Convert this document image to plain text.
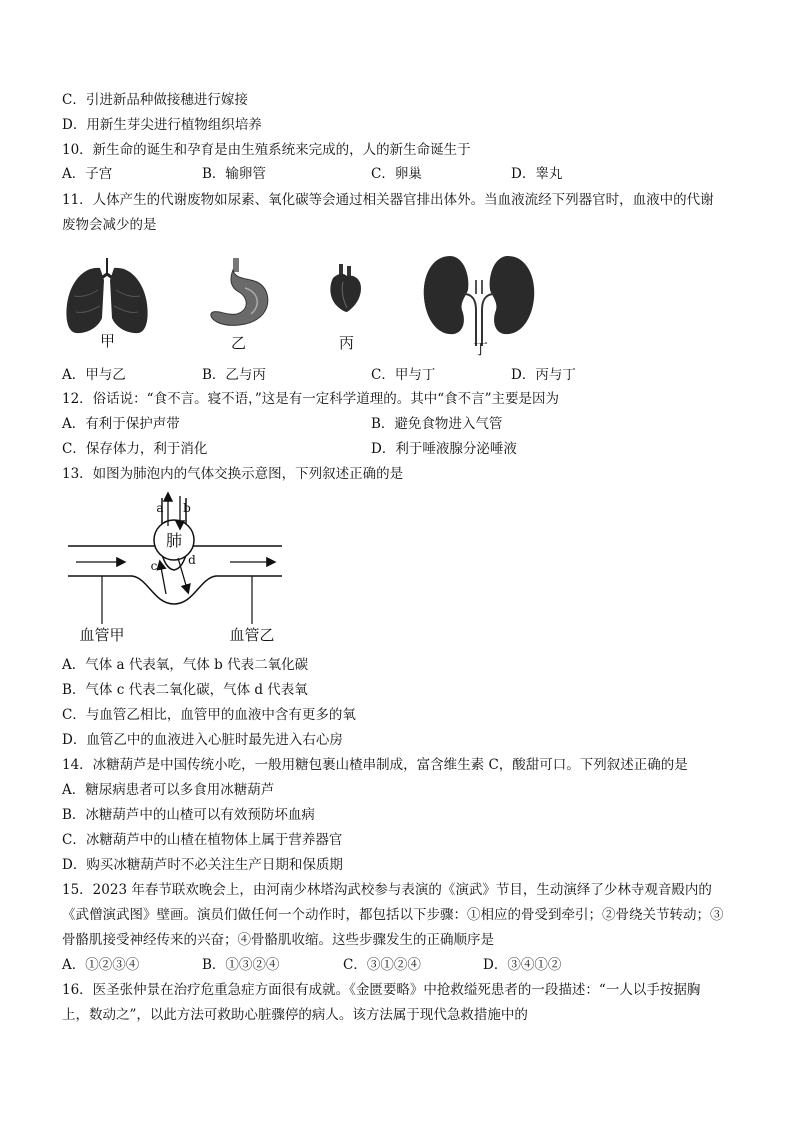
C．引进新品种做接穗进行嫁接
D．用新生芽尖进行植物组织培养
10．新生命的诞生和孕育是由生殖系统来完成的，人的新生命诞生于
A．子宫	B．输卵管	C．卵巢	D．睾丸
11．人体产生的代谢废物如尿素、氧化碳等会通过相关器官排出体外。当血液流经下列器官时，血液中的代谢
废物会减少的是
甲	乙	丙	丁
A．甲与乙	B．乙与丙	C．甲与丁	D．丙与丁
12．俗话说：“食不言。寝不语，”这是有一定科学道理的。其中“食不言”主要是因为
A．有利于保护声带	B．避免食物进入气管
C．保存体力，利于消化	D．利于唾液腺分泌唾液
13．如图为肺泡内的气体交换示意图，下列叙述正确的是
肺
a b
c	d
血管甲	血管乙
A．气体 a 代表氧，气体 b 代表二氧化碳
B．气体 c 代表二氧化碳，气体 d 代表氧
C．与血管乙相比，血管甲的血液中含有更多的氧
D．血管乙中的血液进入心脏时最先进入右心房
14．冰糖葫芦是中国传统小吃，一般用糖包裹山楂串制成，富含维生素 C，酸甜可口。下列叙述正确的是
A．糖尿病患者可以多食用冰糖葫芦
B．冰糖葫芦中的山楂可以有效预防坏血病
C．冰糖葫芦中的山楂在植物体上属于营养器官
D．购买冰糖葫芦时不必关注生产日期和保质期
15．2023 年春节联欢晚会上，由河南少林塔沟武校参与表演的《演武》节目，生动演绎了少林寺观音殿内的
《武僧演武图》壁画。演员们做任何一个动作时，都包括以下步骤：①相应的骨受到牵引；②骨绕关节转动；③
骨骼肌接受神经传来的兴奋；④骨骼肌收缩。这些步骤发生的正确顺序是
A．①②③④	B．①③②④	C．③①②④	D．③④①②
16．医圣张仲景在治疗危重急症方面很有成就。《金匮要略》中抢救缢死患者的一段描述：“一人以手按据胸
上，数动之”，以此方法可救助心脏骤停的病人。该方法属于现代急救措施中的
